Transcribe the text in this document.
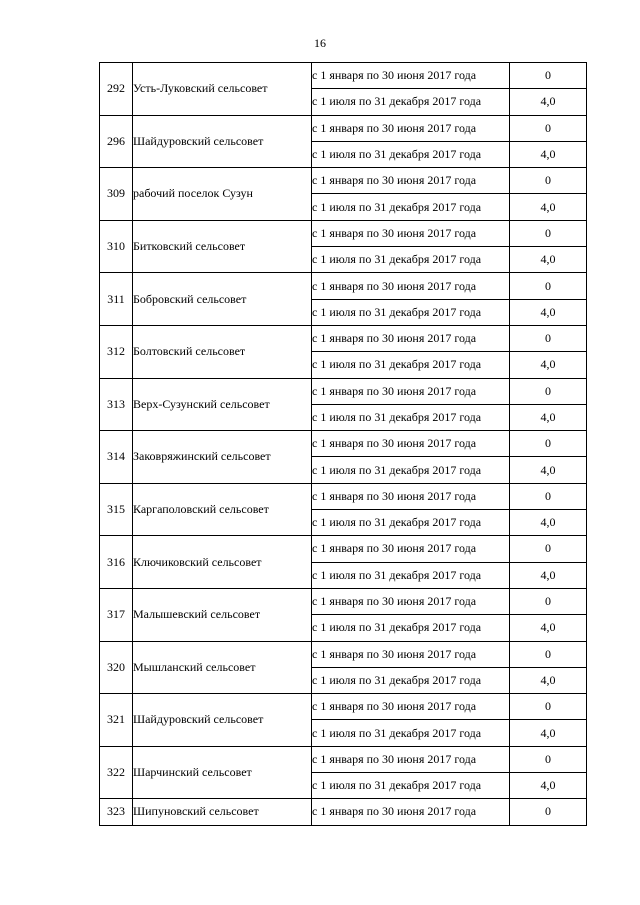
16
292	Усть-Луковский сельсовет	с 1 января по 30 июня 2017 года	0
		с 1 июля по 31 декабря 2017 года	4,0
296	Шайдуровский сельсовет	с 1 января по 30 июня 2017 года	0
		с 1 июля по 31 декабря 2017 года	4,0
309	рабочий поселок Сузун	с 1 января по 30 июня 2017 года	0
		с 1 июля по 31 декабря 2017 года	4,0
310	Битковский сельсовет	с 1 января по 30 июня 2017 года	0
		с 1 июля по 31 декабря 2017 года	4,0
311	Бобровский сельсовет	с 1 января по 30 июня 2017 года	0
		с 1 июля по 31 декабря 2017 года	4,0
312	Болтовский сельсовет	с 1 января по 30 июня 2017 года	0
		с 1 июля по 31 декабря 2017 года	4,0
313	Верх-Сузунский сельсовет	с 1 января по 30 июня 2017 года	0
		с 1 июля по 31 декабря 2017 года	4,0
314	Заковряжинский сельсовет	с 1 января по 30 июня 2017 года	0
		с 1 июля по 31 декабря 2017 года	4,0
315	Каргаполовский сельсовет	с 1 января по 30 июня 2017 года	0
		с 1 июля по 31 декабря 2017 года	4,0
316	Ключиковский сельсовет	с 1 января по 30 июня 2017 года	0
		с 1 июля по 31 декабря 2017 года	4,0
317	Малышевский сельсовет	с 1 января по 30 июня 2017 года	0
		с 1 июля по 31 декабря 2017 года	4,0
320	Мышланский сельсовет	с 1 января по 30 июня 2017 года	0
		с 1 июля по 31 декабря 2017 года	4,0
321	Шайдуровский сельсовет	с 1 января по 30 июня 2017 года	0
		с 1 июля по 31 декабря 2017 года	4,0
322	Шарчинский сельсовет	с 1 января по 30 июня 2017 года	0
		с 1 июля по 31 декабря 2017 года	4,0
323	Шипуновский сельсовет	с 1 января по 30 июня 2017 года	0
